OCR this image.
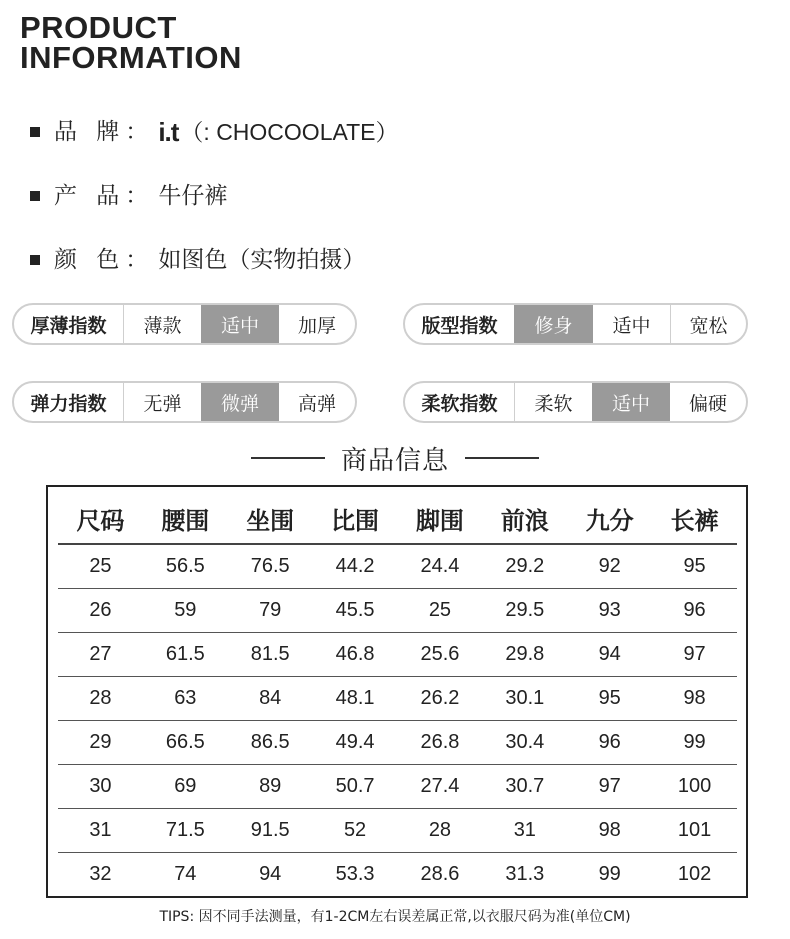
PRODUCT
INFORMATION
品 牌： i.t （: CHOCOOLATE）
产 品： 牛仔裤
颜 色： 如图色（实物拍摄）
厚薄指数	薄款	适中	加厚	版型指数	修身	适中	宽松
弹力指数	无弹	微弹	高弹	柔软指数	柔软	适中	偏硬
商品信息
尺码	腰围	坐围	比围	脚围	前浪	九分	长裤
25	56.5	76.5	44.2	24.4	29.2	92	95
26	59	79	45.5	25	29.5	93	96
27	61.5	81.5	46.8	25.6	29.8	94	97
28	63	84	48.1	26.2	30.1	95	98
29	66.5	86.5	49.4	26.8	30.4	96	99
30	69	89	50.7	27.4	30.7	97	100
31	71.5	91.5	52	28	31	98	101
32	74	94	53.3	28.6	31.3	99	102
TIPS: 因不同手法测量，有1-2CM左右误差属正常,以衣服尺码为准(单位CM)
